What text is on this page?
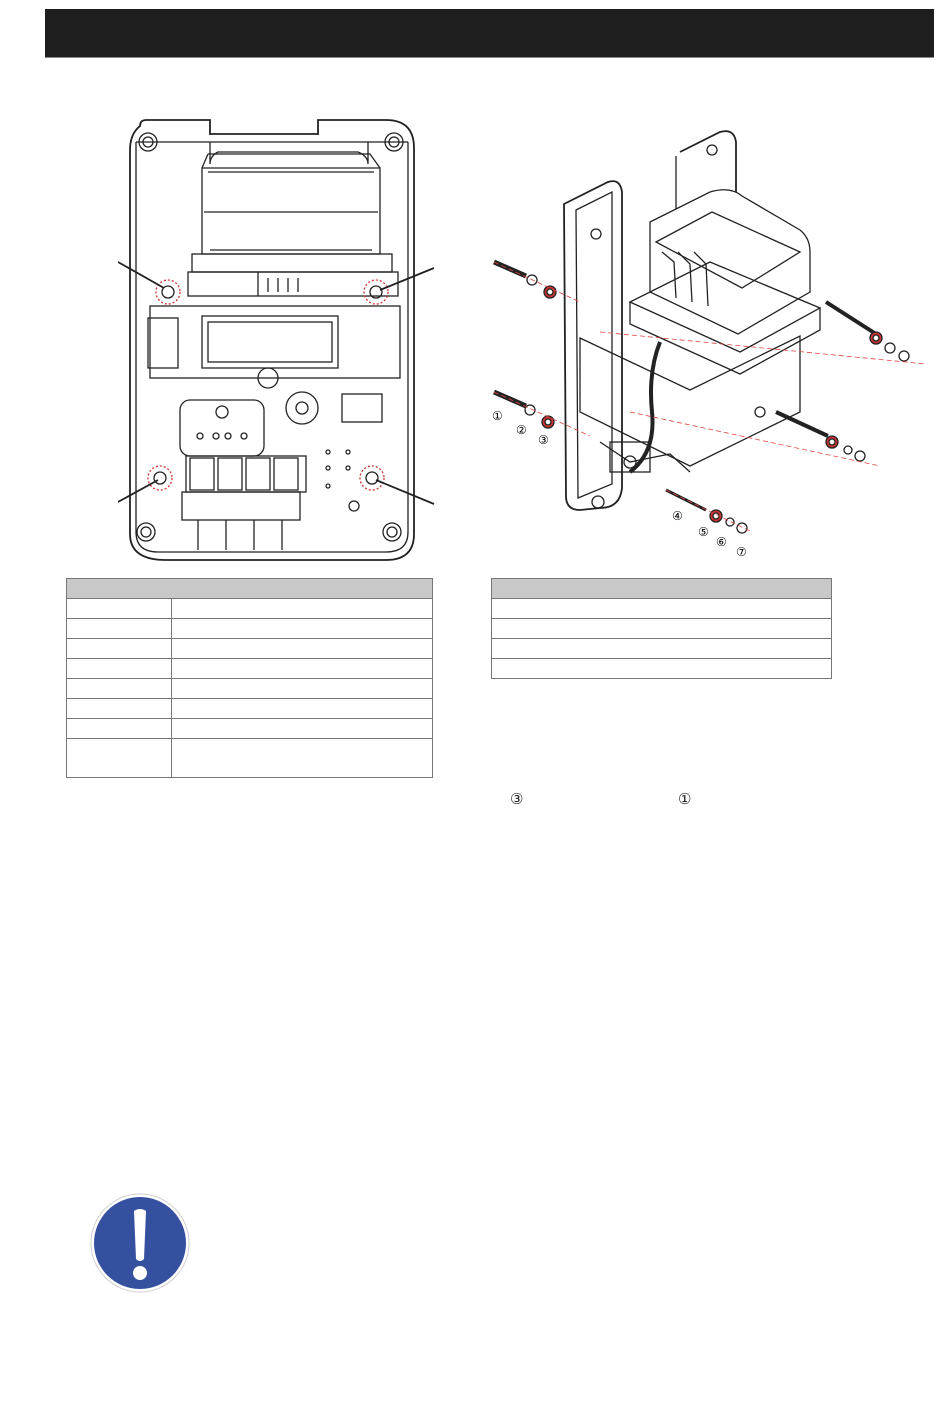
①
②
③
④
⑤
⑥
⑦

③	①
